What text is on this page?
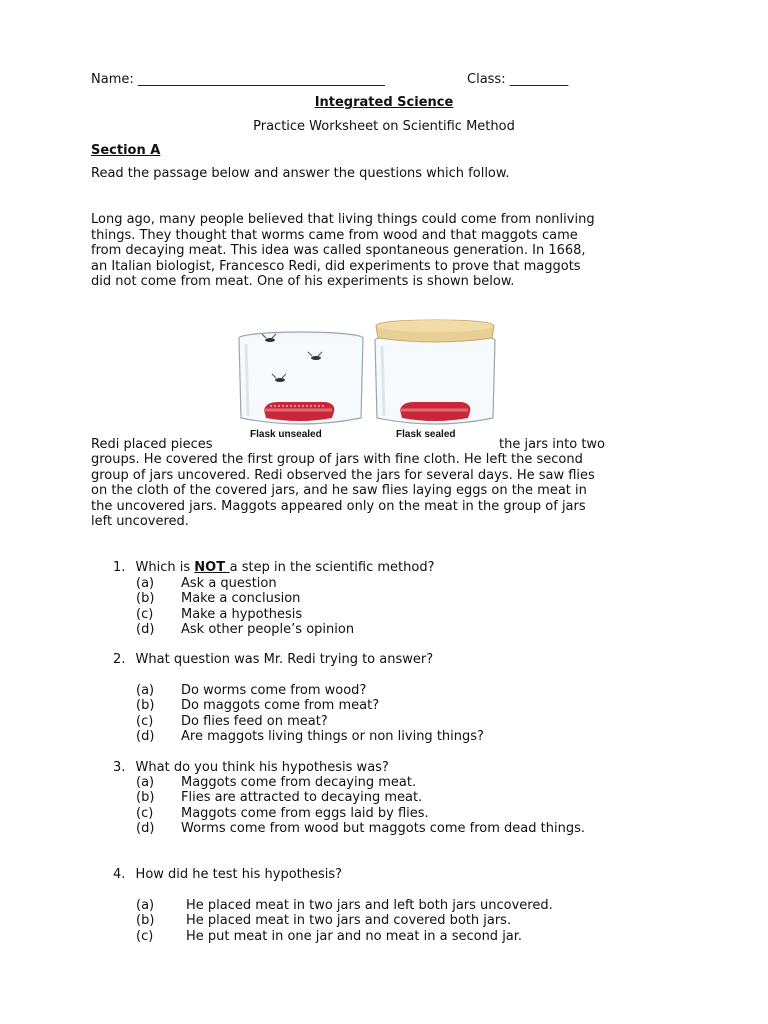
Name: ______________________________________	Class: _________
Integrated Science
Practice Worksheet on Scientific Method
Section A
Read the passage below and answer the questions which follow.
Long ago, many people believed that living things could come from nonliving
things. They thought that worms came from wood and that maggots came
from decaying meat. This idea was called spontaneous generation. In 1668,
an Italian biologist, Francesco Redi, did experiments to prove that maggots
did not come from meat. One of his experiments is shown below.
Flask unsealed	Flask sealed
Redi placed pieces	the jars into two
groups. He covered the first group of jars with fine cloth. He left the second
group of jars uncovered. Redi observed the jars for several days. He saw flies
on the cloth of the covered jars, and he saw flies laying eggs on the meat in
the uncovered jars. Maggots appeared only on the meat in the group of jars
left uncovered.
1. Which is NOT a step in the scientific method?
(a) Ask a question
(b) Make a conclusion
(c) Make a hypothesis
(d) Ask other people’s opinion
2. What question was Mr. Redi trying to answer?
(a) Do worms come from wood?
(b) Do maggots come from meat?
(c) Do flies feed on meat?
(d) Are maggots living things or non living things?
3. What do you think his hypothesis was?
(a) Maggots come from decaying meat.
(b) Flies are attracted to decaying meat.
(c) Maggots come from eggs laid by flies.
(d) Worms come from wood but maggots come from dead things.
4. How did he test his hypothesis?
(a) He placed meat in two jars and left both jars uncovered.
(b) He placed meat in two jars and covered both jars.
(c)	He put meat in one jar and no meat in a second jar.
